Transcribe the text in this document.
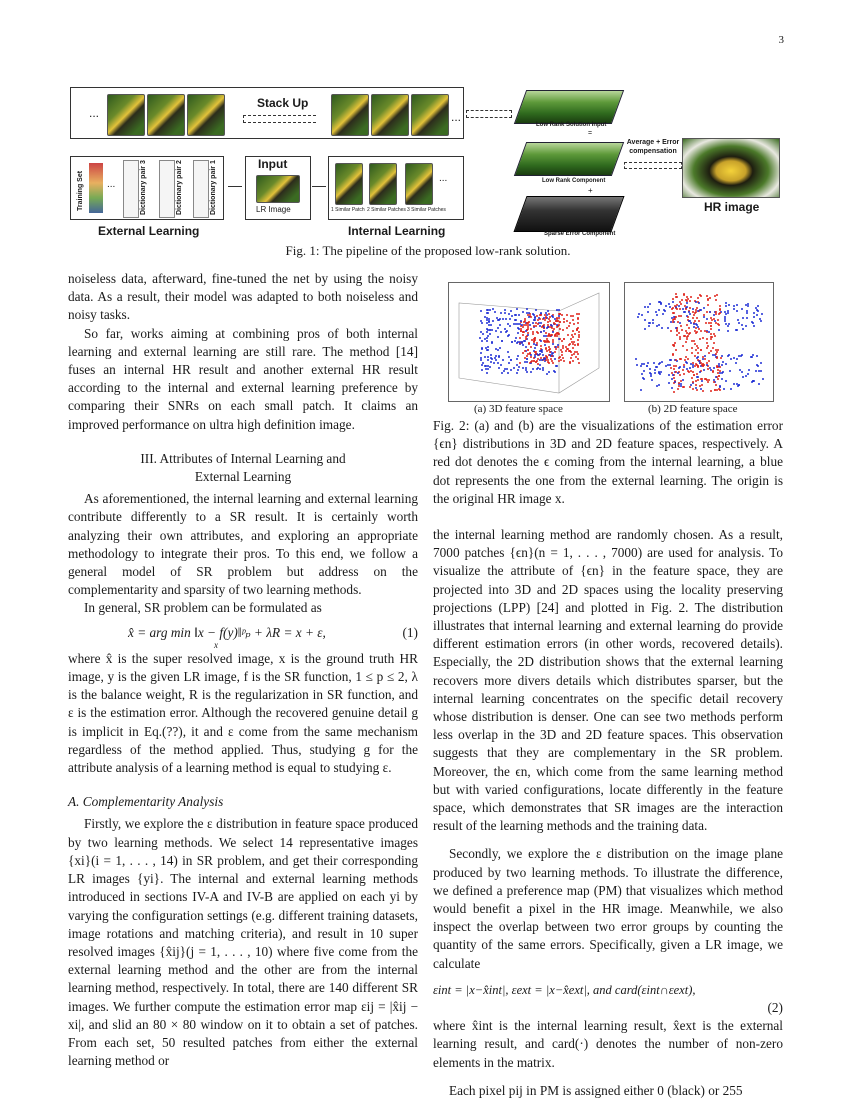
3
...
Stack Up
...
Training Set ...	Dictionary pair 3	Dictionary pair 2	Dictionary pair 1
External Learning
Input
LR Image
...
1 Similar Patch 2 Similar Patches 3 Similar Patches
Internal Learning
Low Rank Solution Input
=
Low Rank Component
+
Sparse Error Component
Average + Error compensation
HR image
Fig. 1: The pipeline of the proposed low-rank solution.
(a) 3D feature space	(b) 2D feature space
Fig. 2: (a) and (b) are the visualizations of the estimation error {ϵn} distributions in 3D and 2D feature spaces, respectively. A red dot denotes the ϵ coming from the internal learning, a blue dot represents the one from the external learning. The origin is the original HR image x.

noiseless data, afterward, fine-tuned the net by using the noisy data. As a result, their model was adapted to both noiseless and noisy tasks.

So far, works aiming at combining pros of both internal learning and external learning are still rare. The method [14] fuses an internal HR result and another external HR result according to the internal and external learning preference by comparing their SNRs on each small patch. It claims an improved performance on ultra high definition image.

III. Attributes of Internal Learning and

External Learning

As aforementioned, the internal learning and external learning contribute differently to a SR result. It is certainly worth analyzing their own attributes, and exploring an appropriate methodology to integrate their pros. To this end, we follow a general model of SR problem but address on the complementarity and sparsity of two learning methods.

In general, SR problem can be formulated as

x̂ = arg min ‖x − f(y)‖ᵖₚ + λR = x + ε,	(1)
x

where x̂ is the super resolved image, x is the ground truth HR image, y is the given LR image, f is the SR function, 1 ≤ p ≤ 2, λ is the balance weight, R is the regularization in SR function, and ε is the estimation error. Although the recovered genuine detail g is implicit in Eq.(??), it and ε come from the same mechanism regardless of the method applied. Thus, studying g for the attribute analysis of a learning method is equal to studying ε.

A. Complementarity Analysis

Firstly, we explore the ε distribution in feature space produced by two learning methods. We select 14 representative images {xi}(i = 1, . . . , 14) in SR problem, and get their corresponding LR images {yi}. The internal and external learning methods introduced in sections IV-A and IV-B are applied on each yi by varying the configuration settings (e.g. different training datasets, image rotations and matching criteria), and result in 10 super resolved images {x̂ij}(j = 1, . . . , 10) where five come from the external learning method and the other are from the internal learning method, respectively. In total, there are 140 different SR images. We further compute the estimation error map εij = |x̂ij − xi|, and slid an 80 × 80 window on it to obtain a set of patches. From each set, 50 resulted patches from either the external learning method or

the internal learning method are randomly chosen. As a result, 7000 patches {ϵn}(n = 1, . . . , 7000) are used for analysis. To visualize the attribute of {ϵn} in the feature space, they are projected into 3D and 2D spaces using the locality preserving projections (LPP) [24] and plotted in Fig. 2. The distribution illustrates that internal learning and external learning do provide different estimation errors (in other words, recovered details). Especially, the 2D distribution shows that the external learning recovers more divers details which distributes sparser, but the internal learning concentrates on the specific detail recovery whose distribution is denser. One can see two methods perform less overlap in the 3D and 2D feature spaces. This observation suggests that they are complementary in the SR problem. Moreover, the ϵn, which come from the same learning method but with varied configurations, locate differently in the feature space, which demonstrates that SR images are the interaction result of the learning methods and the training data.

Secondly, we explore the ε distribution on the image plane produced by two learning methods. To illustrate the difference, we defined a preference map (PM) that visualizes which method would benefit a pixel in the HR image. Meanwhile, we also inspect the overlap between two error groups by counting the quantity of the same errors. Specifically, given a LR image, we calculate

εint = |x−x̂int|, εext = |x−x̂ext|, and card(εint∩εext),
(2)

where x̂int is the internal learning result, x̂ext is the external learning result, and card(·) denotes the number of non-zero elements in the matrix.

Each pixel pij in PM is assigned either 0 (black) or 255
